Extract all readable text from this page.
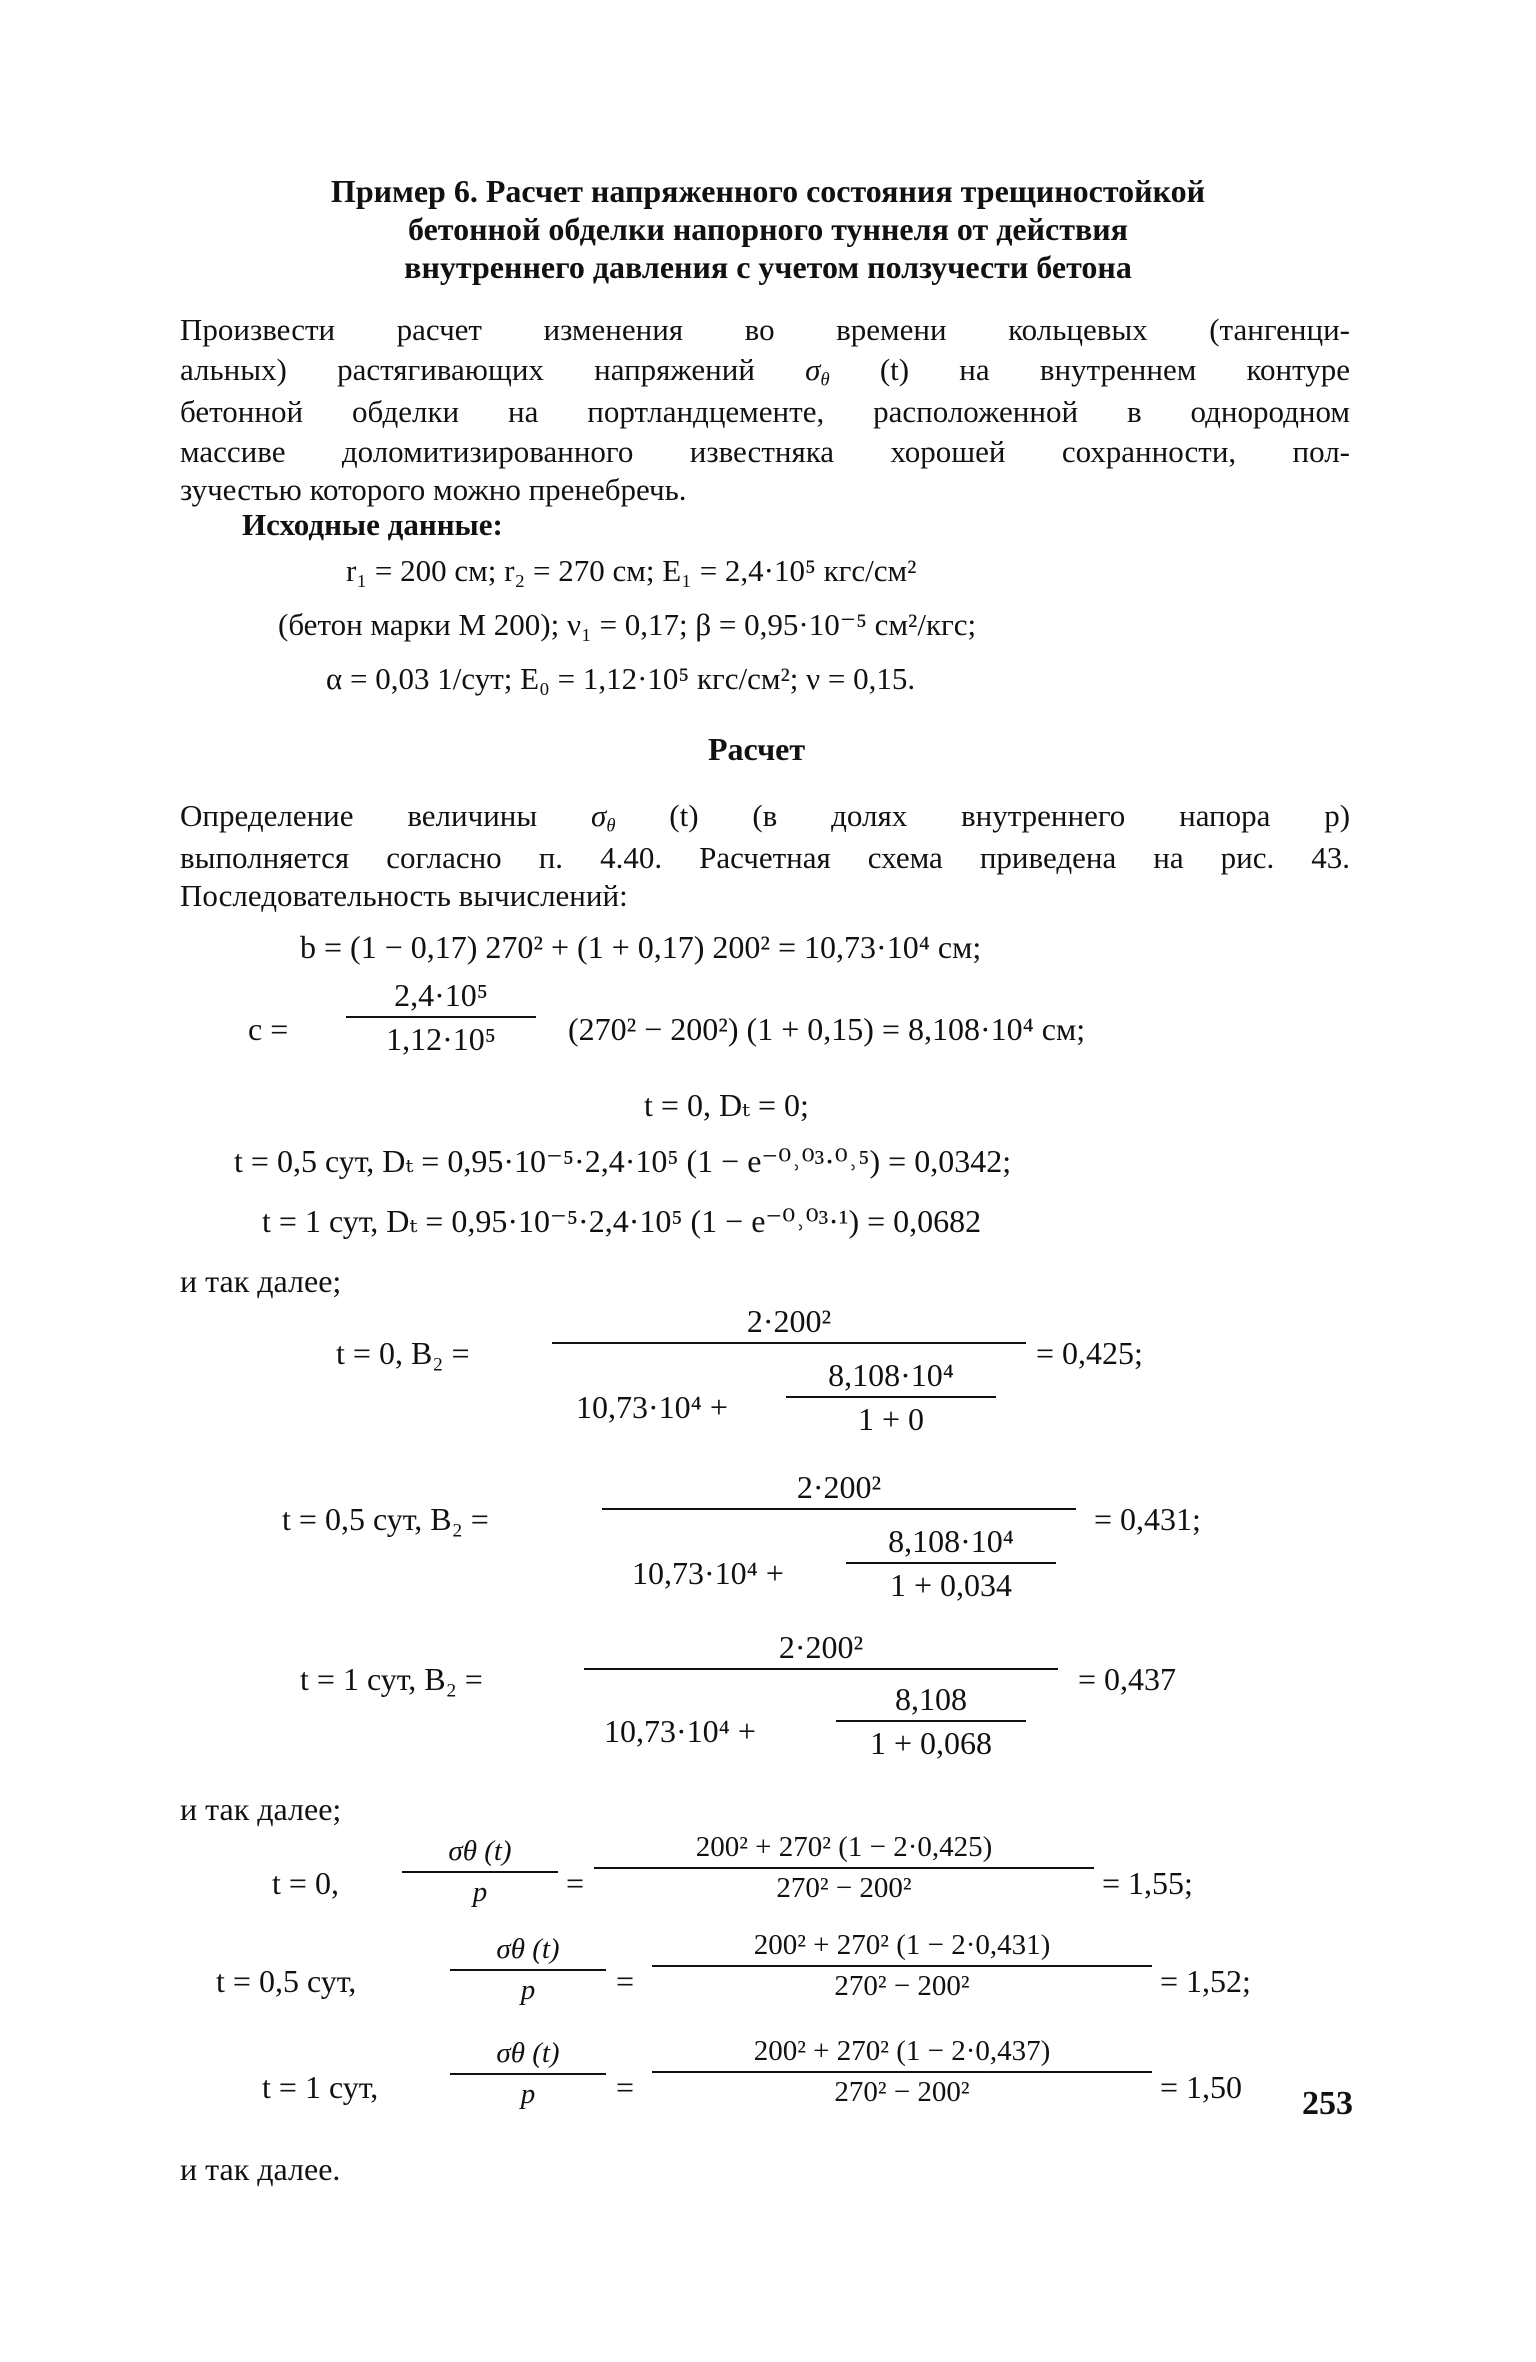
Пример 6. Расчет напряженного состояния трещиностойкой
бетонной обделки напорного туннеля от действия
внутреннего давления с учетом ползучести бетона
Произвести расчет изменения во времени кольцевых (тангенци-
альных) растягивающих напряжений $\sigma_\theta$ (t) на внутреннем контуре
бетонной обделки на портландцементе, расположенной в однородном
массиве доломитизированного известняка хорошей сохранности, пол-
зучестью которого можно пренебречь.
Исходные данные:
r₁ = 200 см; r₂ = 270 см; E₁ = 2,4·10⁵ кгс/см²
(бетон марки М 200); ν₁ = 0,17; β = 0,95·10⁻⁵ см²/кгс;
α = 0,03 1/сут; E₀ = 1,12·10⁵ кгс/см²; ν = 0,15.
Расчет
Определение величины $\sigma_\theta$ (t) (в долях внутреннего напора p)
выполняется согласно п. 4.40. Расчетная схема приведена на рис. 43.
Последовательность вычислений:
b = (1 − 0,17) 270² + (1 + 0,17) 200² = 10,73·10⁴ см;
c =
2,4·10⁵
1,12·10⁵	(270² − 200²) (1 + 0,15) = 8,108·10⁴ см;
t = 0, Dₜ = 0;
t = 0,5 сут, Dₜ = 0,95·10⁻⁵·2,4·10⁵ (1 − e⁻⁰˒⁰³·⁰˒⁵) = 0,0342;
t = 1 сут, Dₜ = 0,95·10⁻⁵·2,4·10⁵ (1 − e⁻⁰˒⁰³·¹) = 0,0682
и так далее;
t = 0, B₂ =
2·200²
10,73·10⁴ +
8,108·10⁴
1 + 0
= 0,425;
t = 0,5 сут, B₂ =
2·200²
10,73·10⁴ +
8,108·10⁴
1 + 0,034
= 0,431;
t = 1 сут, B₂ =
2·200²
10,73·10⁴ +
8,108
1 + 0,068
= 0,437
и так далее;
t = 0,
σθ (t)
p	=
200² + 270² (1 − 2·0,425)
270² − 200²	= 1,55;
t = 0,5 сут,
σθ (t)
p	=
200² + 270² (1 − 2·0,431)
270² − 200²	= 1,52;
t = 1 сут,
σθ (t)
p	=
200² + 270² (1 − 2·0,437)
270² − 200²	= 1,50
и так далее.
253
